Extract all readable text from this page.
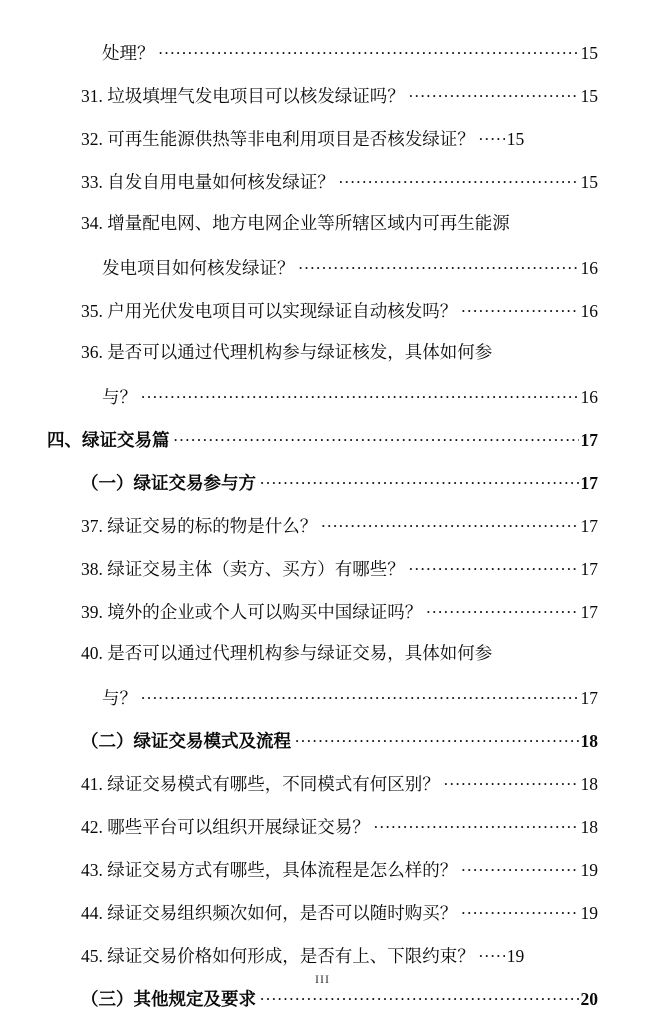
处理？ .....	15
31. 垃圾填埋气发电项目可以核发绿证吗？ .....	15
32. 可再生能源供热等非电利用项目是否核发绿证？ ..... 15
33. 自发自用电量如何核发绿证？ .....	15
34. 增量配电网、地方电网企业等所辖区域内可再生能源
发电项目如何核发绿证？ .....	16
35. 户用光伏发电项目可以实现绿证自动核发吗？ .....	16
36. 是否可以通过代理机构参与绿证核发，具体如何参
与？ .....	16
四、绿证交易篇 .....	17
（一）绿证交易参与方 .....	17
37. 绿证交易的标的物是什么？ .....	17
38. 绿证交易主体（卖方、买方）有哪些？ .....	17
39. 境外的企业或个人可以购买中国绿证吗？ .....	17
40. 是否可以通过代理机构参与绿证交易，具体如何参
与？ .....	17
（二）绿证交易模式及流程 .....	18
41. 绿证交易模式有哪些，不同模式有何区别？ .....	18
42. 哪些平台可以组织开展绿证交易？ .....	18
43. 绿证交易方式有哪些，具体流程是怎么样的？ .....	19
44. 绿证交易组织频次如何，是否可以随时购买？ .....	19
45. 绿证交易价格如何形成，是否有上、下限约束？ ..... 19
（三）其他规定及要求 .....	20
III
